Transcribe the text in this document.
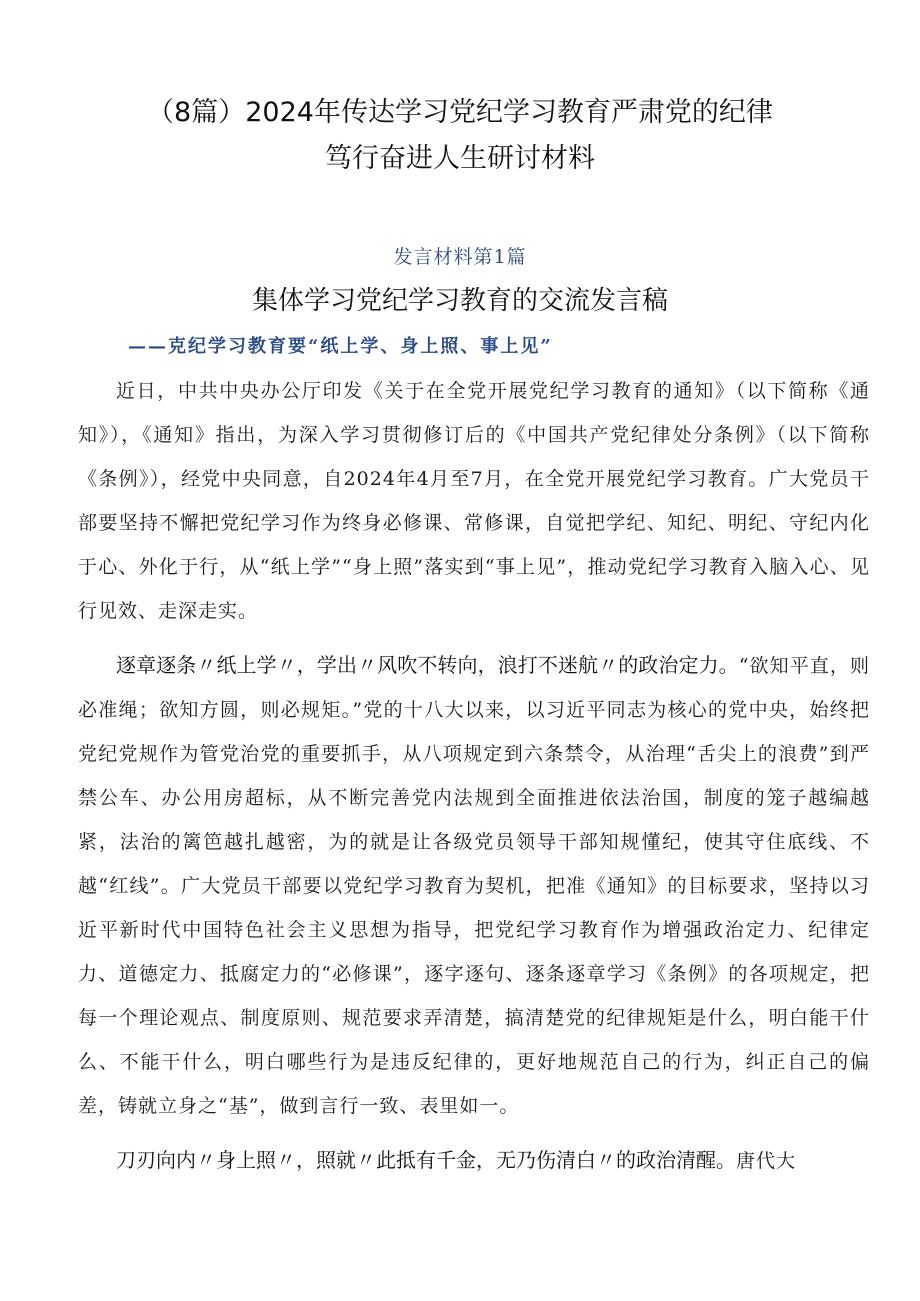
（8篇）2024年传达学习党纪学习教育严肃党的纪律
笃行奋进人生研讨材料
发言材料第1篇
集体学习党纪学习教育的交流发言稿
——克纪学习教育要“纸上学、身上照、事上见”

近日，中共中央办公厅印发《关于在全党开展党纪学习教育的通知》（以下简称《通知》），《通知》指出，为深入学习贯彻修订后的《中国共产党纪律处分条例》（以下简称《条例》），经党中央同意，自2024年4月至7月，在全党开展党纪学习教育。广大党员干部要坚持不懈把党纪学习作为终身必修课、常修课，自觉把学纪、知纪、明纪、守纪内化于心、外化于行，从“纸上学”“身上照”落实到“事上见”，推动党纪学习教育入脑入心、见行见效、走深走实。

逐章逐条〃纸上学〃，学出〃风吹不转向，浪打不迷航〃的政治定力。“欲知平直，则必准绳；欲知方圆，则必规矩。”党的十八大以来，以习近平同志为核心的党中央，始终把党纪党规作为管党治党的重要抓手，从八项规定到六条禁令，从治理“舌尖上的浪费”到严禁公车、办公用房超标，从不断完善党内法规到全面推进依法治国，制度的笼子越编越紧，法治的篱笆越扎越密，为的就是让各级党员领导干部知规懂纪，使其守住底线、不越“红线”。广大党员干部要以党纪学习教育为契机，把准《通知》的目标要求，坚持以习近平新时代中国特色社会主义思想为指导，把党纪学习教育作为增强政治定力、纪律定力、道德定力、抵腐定力的“必修课”，逐字逐句、逐条逐章学习《条例》的各项规定，把每一个理论观点、制度原则、规范要求弄清楚，搞清楚党的纪律规矩是什么，明白能干什么、不能干什么，明白哪些行为是违反纪律的，更好地规范自己的行为，纠正自己的偏差，铸就立身之“基”，做到言行一致、表里如一。

刀刃向内〃身上照〃，照就〃此抵有千金，无乃伤清白〃的政治清醒。唐代大
